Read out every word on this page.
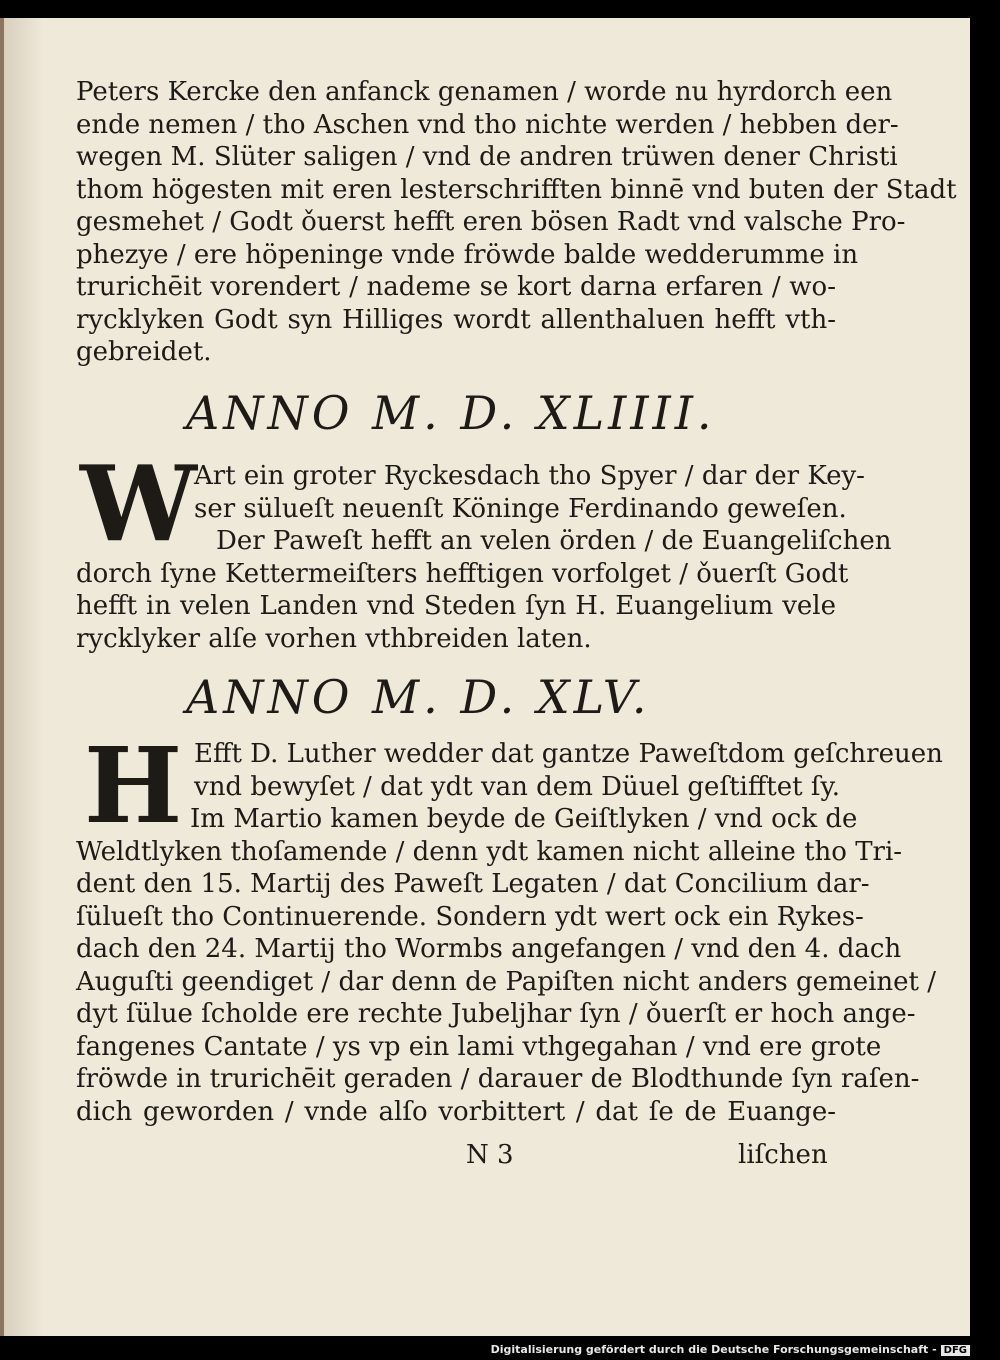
Peters Kercke den anfanck genamen / worde nu hyrdorch een
ende nemen / tho Aschen vnd tho nichte werden / hebben der-
wegen M. Slüter saligen / vnd de andren trüwen dener Christi
thom högesten mit eren lesterschrifften binnē vnd buten der Stadt
gesmehet / Godt ǒuerst hefft eren bösen Radt vnd valsche Pro-
phezye / ere höpeninge vnde fröwde balde wedderumme in
trurichēit vorendert / nademe se kort darna erfaren / wo-
rycklyken Godt syn Hilliges wordt allenthaluen hefft vth-
gebreidet.
ANNO M. D. XLIIII.
W
Art ein groter Ryckesdach tho Spyer / dar der Key-
ser sülueſt neuenſt Köninge Ferdinando geweſen.
Der Paweſt hefft an velen örden / de Euangeliſchen
dorch ſyne Kettermeiſters hefftigen vorfolget / ǒuerſt Godt
hefft in velen Landen vnd Steden ſyn H. Euangelium vele
rycklyker alſe vorhen vthbreiden laten.
ANNO M. D. XLV.
H Efft D. Luther wedder dat gantze Paweſtdom geſchreuen
vnd bewyſet / dat ydt van dem Düuel geſtifftet ſy.
Im Martio kamen beyde de Geiſtlyken / vnd ock de
Weldtlyken thoſamende / denn ydt kamen nicht alleine tho Tri-
dent den 15. Martij des Paweſt Legaten / dat Concilium dar-
ſülueſt tho Continuerende. Sondern ydt wert ock ein Rykes-
dach den 24. Martij tho Wormbs angefangen / vnd den 4. dach
Auguſti geendiget / dar denn de Papiſten nicht anders gemeinet /
dyt ſülue ſcholde ere rechte Jubeljhar ſyn / ǒuerſt er hoch ange-
fangenes Cantate / ys vp ein lami vthgegahan / vnd ere grote
fröwde in trurichēit geraden / darauer de Blodthunde ſyn raſen-
dich geworden / vnde alſo vorbittert / dat ſe de Euange-
N 3	liſchen
Digitalisierung gefördert durch die Deutsche Forschungsgemeinschaft - DFG
